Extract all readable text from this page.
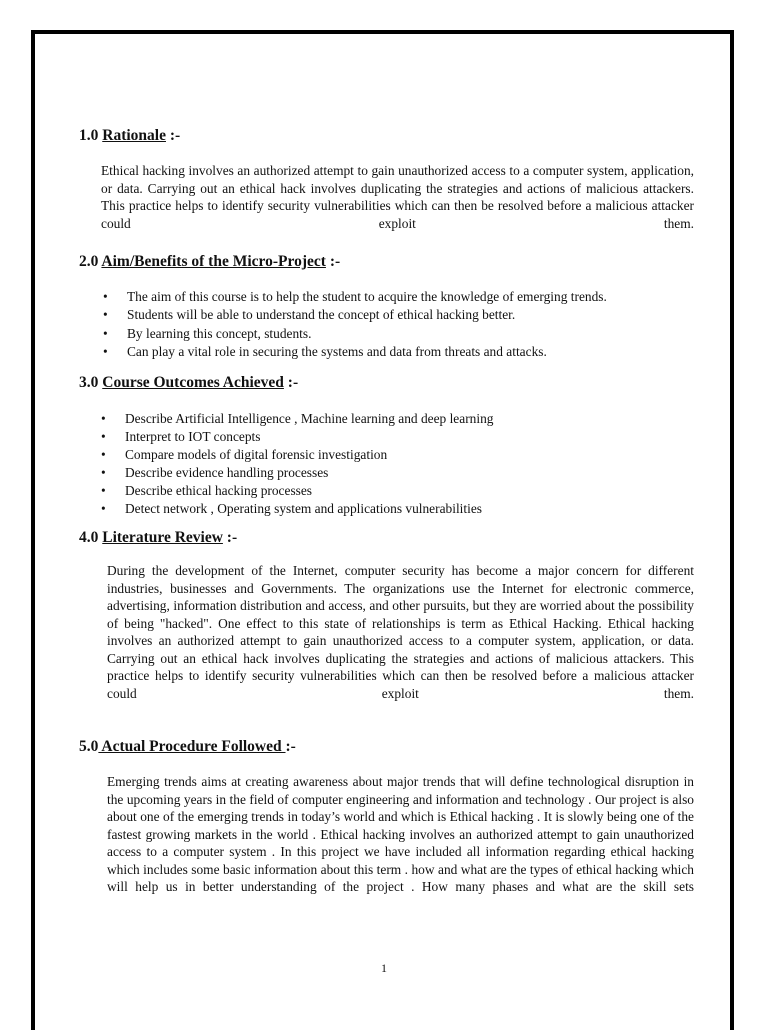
1.0 Rationale :-

Ethical hacking involves an authorized attempt to gain unauthorized access to a computer system, application, or data. Carrying out an ethical hack involves duplicating the strategies and actions of malicious attackers. This practice helps to identify security vulnerabilities which can then be resolved before a malicious attacker could exploit them.

2.0 Aim/Benefits of the Micro-Project :-
• The aim of this course is to help the student to acquire the knowledge of emerging trends.
• Students will be able to understand the concept of ethical hacking better.
• By learning this concept, students.
• Can play a vital role in securing the systems and data from threats and attacks.
3.0 Course Outcomes Achieved :-
• Describe Artificial Intelligence , Machine learning and deep learning
• Interpret to IOT concepts
• Compare models of digital forensic investigation
• Describe evidence handling processes
• Describe ethical hacking processes
• Detect network , Operating system and applications vulnerabilities
4.0 Literature Review :-

During the development of the Internet, computer security has become a major concern for different industries, businesses and Governments. The organizations use the Internet for electronic commerce, advertising, information distribution and access, and other pursuits, but they are worried about the possibility of being "hacked". One effect to this state of relationships is term as Ethical Hacking. Ethical hacking involves an authorized attempt to gain unauthorized access to a computer system, application, or data. Carrying out an ethical hack involves duplicating the strategies and actions of malicious attackers. This practice helps to identify security vulnerabilities which can then be resolved before a malicious attacker could exploit them.

5.0 Actual Procedure Followed :-

Emerging trends aims at creating awareness about major trends that will define technological disruption in the upcoming years in the field of computer engineering and information and technology . Our project is also about one of the emerging trends in today’s world and which is Ethical hacking . It is slowly being one of the fastest growing markets in the world . Ethical hacking involves an authorized attempt to gain unauthorized access to a computer system . In this project we have included all information regarding ethical hacking which includes some basic information about this term . how and what are the types of ethical hacking which will help us in better understanding of the project . How many phases and what are the skill sets

1
